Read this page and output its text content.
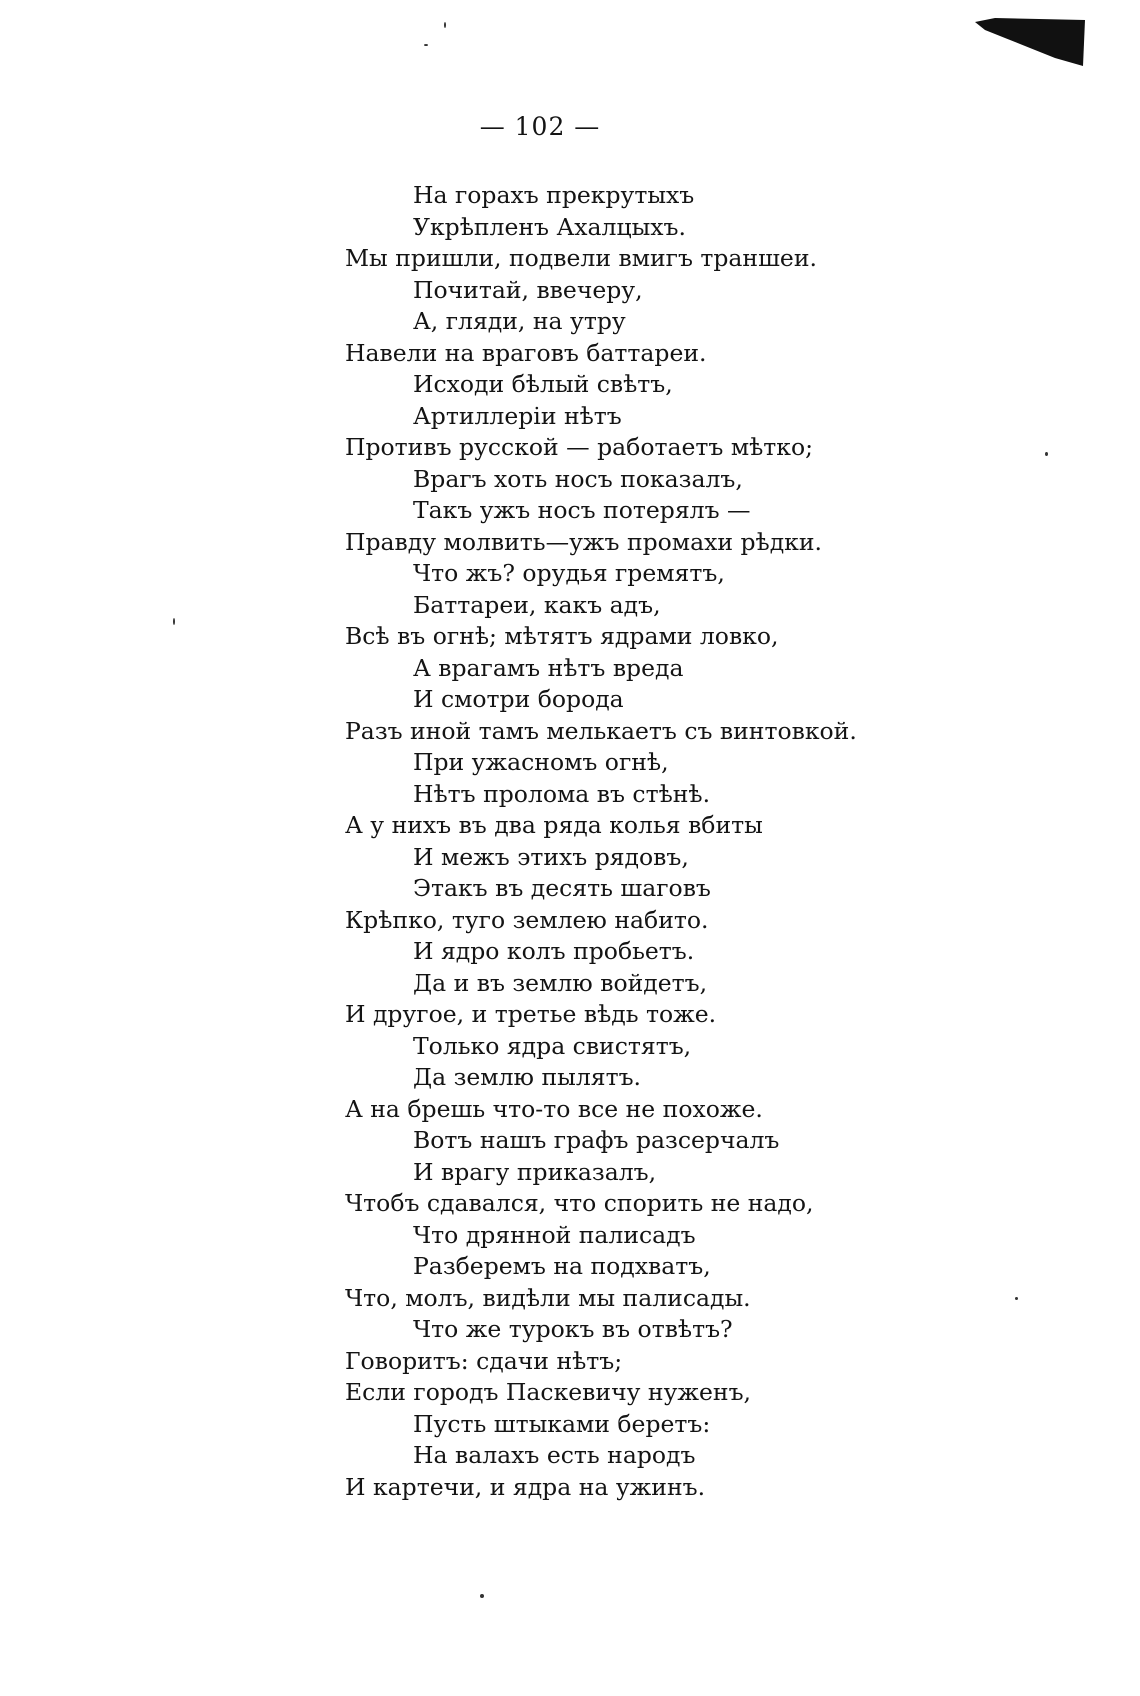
— 102 —
На горахъ прекрутыхъ
Укрѣпленъ Ахалцыхъ.
Мы пришли, подвели вмигъ траншеи.
Почитай, ввечеру,
А, гляди, на утру
Навели на враговъ баттареи.
Исходи бѣлый свѣтъ,
Артиллеріи нѣтъ
Противъ русской — работаетъ мѣтко;
Врагъ хоть носъ показалъ,
Такъ ужъ носъ потерялъ —
Правду молвить—ужъ промахи рѣдки.
Что жъ? орудья гремятъ,
Баттареи, какъ адъ,
Всѣ въ огнѣ; мѣтятъ ядрами ловко,
А врагамъ нѣтъ вреда
И смотри борода
Разъ иной тамъ мелькаетъ съ винтовкой.
При ужасномъ огнѣ,
Нѣтъ пролома въ стѣнѣ.
А у нихъ въ два ряда колья вбиты
И межъ этихъ рядовъ,
Этакъ въ десять шаговъ
Крѣпко, туго землею набито.
И ядро колъ пробьетъ.
Да и въ землю войдетъ,
И другое, и третье вѣдь тоже.
Только ядра свистятъ,
Да землю пылятъ.
А на брешь что-то все не похоже.
Вотъ нашъ графъ разсерчалъ
И врагу приказалъ,
Чтобъ сдавался, что спорить не надо,
Что дрянной палисадъ
Разберемъ на подхватъ,
Что, молъ, видѣли мы палисады.
Что же турокъ въ отвѣтъ?
Говоритъ: сдачи нѣтъ;
Если городъ Паскевичу нуженъ,
Пусть штыками беретъ:
На валахъ есть народъ
И картечи, и ядра на ужинъ.
